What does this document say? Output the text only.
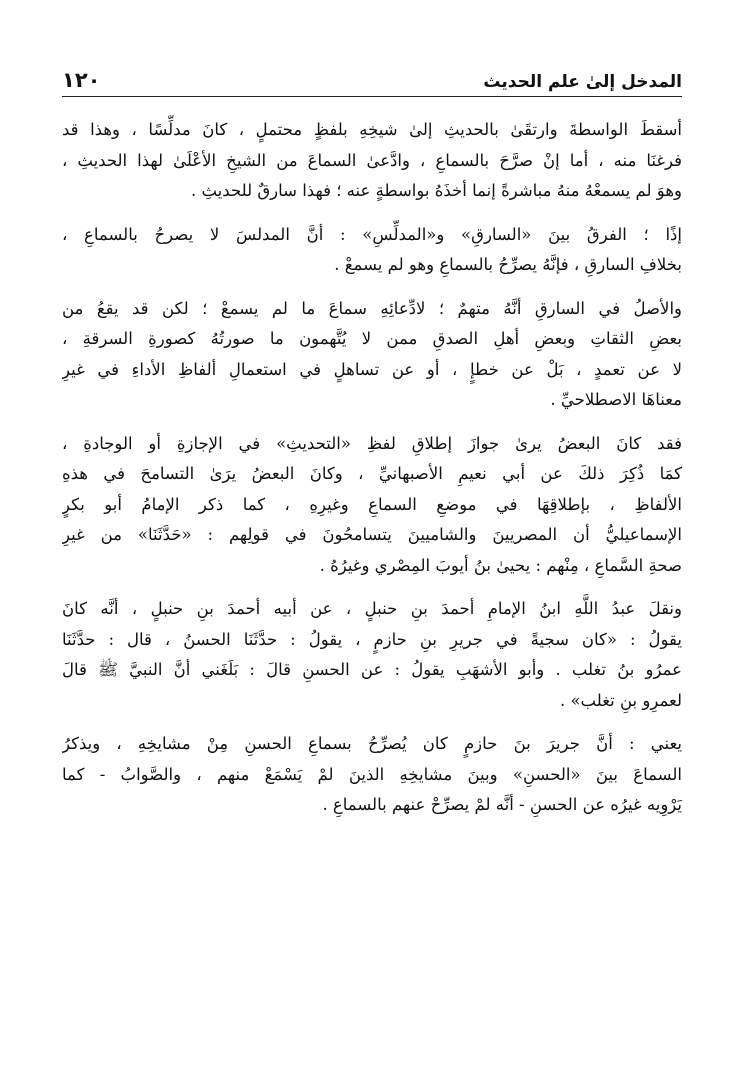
المدخل إلىٰ علم الحديث
١٢٠

أسقطَ الواسطةَ وارتقَىٰ بالحديثِ إلىٰ شيخِهِ بلفظٍ محتملٍ ، كانَ مدلِّسًا ، وهذا قد
فرغنَا منه ، أما إنْ صرَّحَ بالسماعِ ، وادَّعىٰ السماعَ من الشيخِ الأعْلَىٰ لهذا الحديثِ ،
وهوَ لم يسمعْهُ منهُ مباشرةً إنما أخذَهُ بواسطةٍ عنه ؛ فهذا سارقٌ للحديثِ .

إذًا ؛ الفرقُ بينَ «السارقِ» و«المدلِّسِ» : أنَّ المدلسَ لا يصرحُ بالسماعِ ،
بخلافِ السارقِ ، فإنَّهُ يصرِّحُ بالسماعِ وهو لم يسمعْ .

والأصلُ في السارقِ أنَّهُ متهمٌ ؛ لادِّعائِهِ سماعَ ما لم يسمعْ ؛ لكن قد يقعُ من
بعضِ الثقاتِ وبعضِ أهلِ الصدقِ ممن لا يُتَّهمون ما صورتُهُ كصورةِ السرقةِ ،
لا عن تعمدٍ ، بَلْ عن خطإٍ ، أو عن تساهلٍ في استعمالِ ألفاظِ الأداءِ في غيرِ
معناهَا الاصطلاحيِّ .

فقد كانَ البعضُ يرىٰ جوازَ إطلاقِ لفظِ «التحديثِ» في الإجازةِ أو الوجادةِ ،
كمَا ذُكِرَ ذلكَ عن أبي نعيمِ الأصبهانيِّ ، وكانَ البعضُ يرَىٰ التسامحَ في هذهِ
الألفاظِ ، بإطلاقِهَا في موضعِ السماعِ وغيرِهِ ، كما ذكر الإمامُ أبو بكرٍ
الإسماعيليُّ أن المصريينَ والشاميينَ يتسامحُونَ في قولِهم : «حَدَّثَنَا» من غيرِ
صحةِ السَّماعِ ، مِنْهم : يحيىٰ بنُ أيوبَ المِصْري وغيرُهُ .

ونقلَ عبدُ اللَّهِ ابنُ الإمامِ أحمدَ بنِ حنبلٍ ، عن أبيه أحمدَ بنِ حنبلٍ ، أنَّه كانَ
يقولُ : «كان سجيةً في جريرِ بنِ حازمٍ ، يقولُ : حدَّثَنَا الحسنُ ، قال : حدَّثَنَا
عمرُو بنُ تغلب . وأبو الأشهَبِ يقولُ : عن الحسنِ قالَ : بَلَغَني أنَّ النبيَّ ﷺ قالَ
لعمرِو بنِ تغلب» .

يعني : أنَّ جريرَ بنَ حازمٍ كان يُصرِّحُ بسماعِ الحسنِ مِنْ مشايخِهِ ، ويذكرُ
السماعَ بينَ «الحسنِ» وبينَ مشايخِهِ الذينَ لمْ يَسْمَعْ منهم ، والصَّوابُ - كما
يَرْوِيه غيرُه عن الحسنِ - أنَّه لمْ يصرِّحْ عنهم بالسماعِ .
